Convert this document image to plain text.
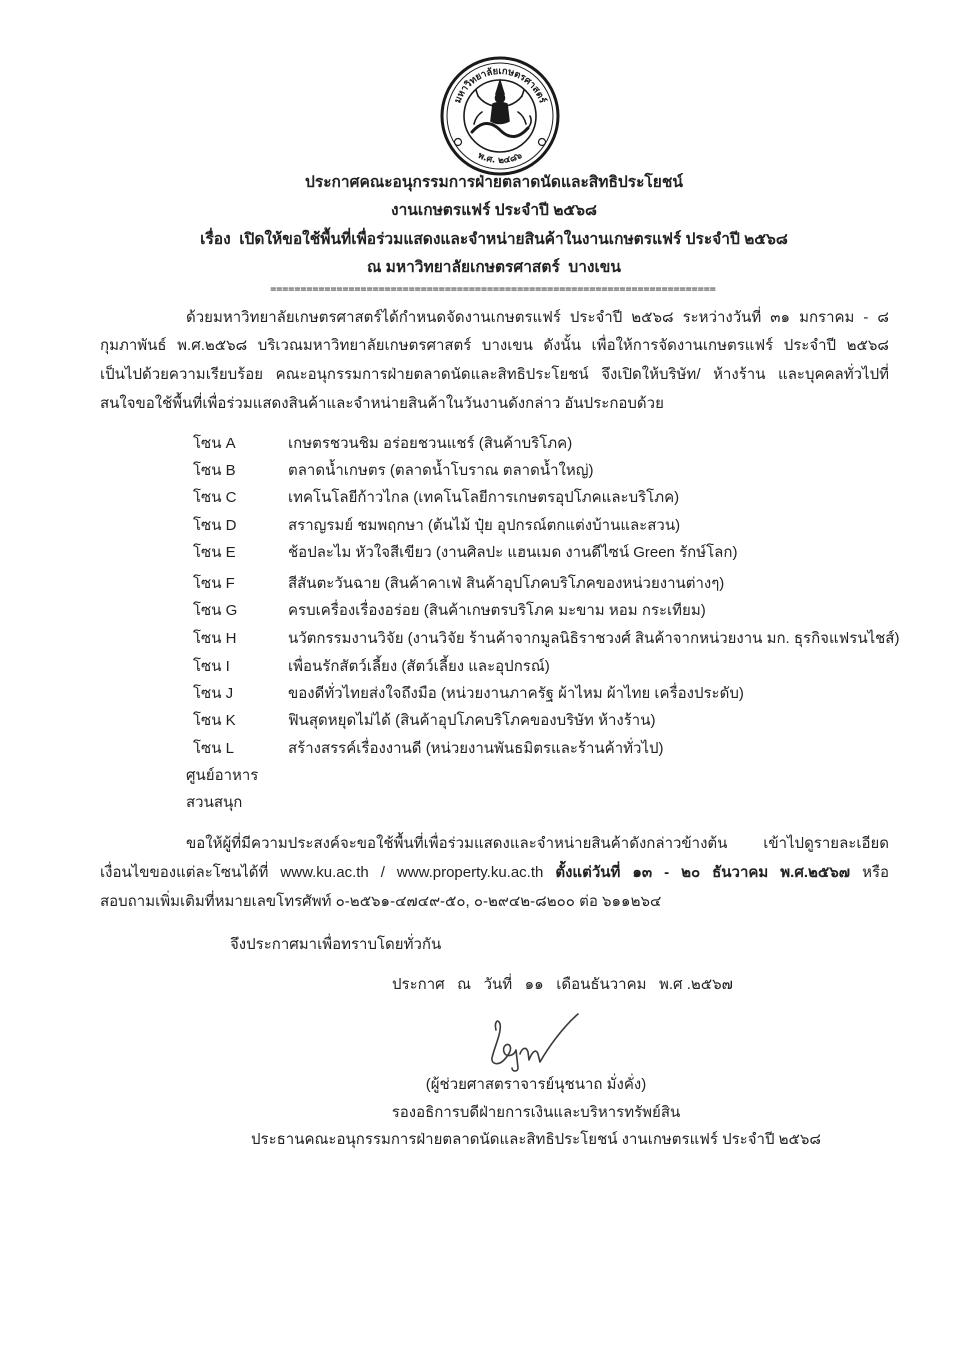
มหาวิทยาลัยเกษตรศาสตร์
พ.ศ. ๒๔๘๖
ประกาศคณะอนุกรรมการฝ่ายตลาดนัดและสิทธิประโยชน์
งานเกษตรแฟร์ ประจำปี ๒๕๖๘
เรื่อง  เปิดให้ขอใช้พื้นที่เพื่อร่วมแสดงและจำหน่ายสินค้าในงานเกษตรแฟร์ ประจำปี ๒๕๖๘
ณ มหาวิทยาลัยเกษตรศาสตร์  บางเขน
==========================================================================
ด้วยมหาวิทยาลัยเกษตรศาสตร์ได้กำหนดจัดงานเกษตรแฟร์ ประจำปี ๒๕๖๘ ระหว่างวันที่ ๓๑ มกราคม - ๘
กุมภาพันธ์ พ.ศ.๒๕๖๘ บริเวณมหาวิทยาลัยเกษตรศาสตร์ บางเขน ดังนั้น เพื่อให้การจัดงานเกษตรแฟร์ ประจำปี ๒๕๖๘
เป็นไปด้วยความเรียบร้อย คณะอนุกรรมการฝ่ายตลาดนัดและสิทธิประโยชน์ จึงเปิดให้บริษัท/ ห้างร้าน และบุคคลทั่วไปที่
สนใจขอใช้พื้นที่เพื่อร่วมแสดงสินค้าและจำหน่ายสินค้าในวันงานดังกล่าว อันประกอบด้วย
โซน A	เกษตรชวนชิม อร่อยชวนแชร์ (สินค้าบริโภค)
โซน B	ตลาดน้ำเกษตร (ตลาดน้ำโบราณ ตลาดน้ำใหญ่)
โซน C	เทคโนโลยีก้าวไกล (เทคโนโลยีการเกษตรอุปโภคและบริโภค)
โซน D	สราญรมย์ ชมพฤกษา (ต้นไม้ ปุ๋ย อุปกรณ์ตกแต่งบ้านและสวน)
โซน E	ช้อปละไม หัวใจสีเขียว (งานศิลปะ แฮนเมด งานดีไซน์ Green รักษ์โลก)
โซน F	สีสันตะวันฉาย (สินค้าคาเฟ่ สินค้าอุปโภคบริโภคของหน่วยงานต่างๆ)
โซน G	ครบเครื่องเรื่องอร่อย (สินค้าเกษตรบริโภค มะขาม หอม กระเทียม)
โซน H	นวัตกรรมงานวิจัย (งานวิจัย ร้านค้าจากมูลนิธิราชวงศ์ สินค้าจากหน่วยงาน มก. ธุรกิจแฟรนไชส์)
โซน I	เพื่อนรักสัตว์เลี้ยง (สัตว์เลี้ยง และอุปกรณ์)
โซน J	ของดีทั่วไทยส่งใจถึงมือ (หน่วยงานภาครัฐ ผ้าไหม ผ้าไทย เครื่องประดับ)
โซน K	ฟินสุดหยุดไม่ได้ (สินค้าอุปโภคบริโภคของบริษัท ห้างร้าน)
โซน L	สร้างสรรค์เรื่องงานดี (หน่วยงานพันธมิตรและร้านค้าทั่วไป)
ศูนย์อาหาร
สวนสนุก
ขอให้ผู้ที่มีความประสงค์จะขอใช้พื้นที่เพื่อร่วมแสดงและจำหน่ายสินค้าดังกล่าวข้างต้น เข้าไปดูรายละเอียด
เงื่อนไขของแต่ละโซนได้ที่ www.ku.ac.th / www.property.ku.ac.th ตั้งแต่วันที่ ๑๓ - ๒๐ ธันวาคม พ.ศ.๒๕๖๗ หรือ
สอบถามเพิ่มเติมที่หมายเลขโทรศัพท์ ๐-๒๕๖๑-๔๗๔๙-๕๐, ๐-๒๙๔๒-๘๒๐๐ ต่อ ๖๑๑๒๖๔
จึงประกาศมาเพื่อทราบโดยทั่วกัน
ประกาศ   ณ   วันที่   ๑๑   เดือนธันวาคม   พ.ศ .๒๕๖๗
(ผู้ช่วยศาสตราจารย์นุชนาถ มั่งคั่ง)
รองอธิการบดีฝ่ายการเงินและบริหารทรัพย์สิน
ประธานคณะอนุกรรมการฝ่ายตลาดนัดและสิทธิประโยชน์ งานเกษตรแฟร์ ประจำปี ๒๕๖๘
